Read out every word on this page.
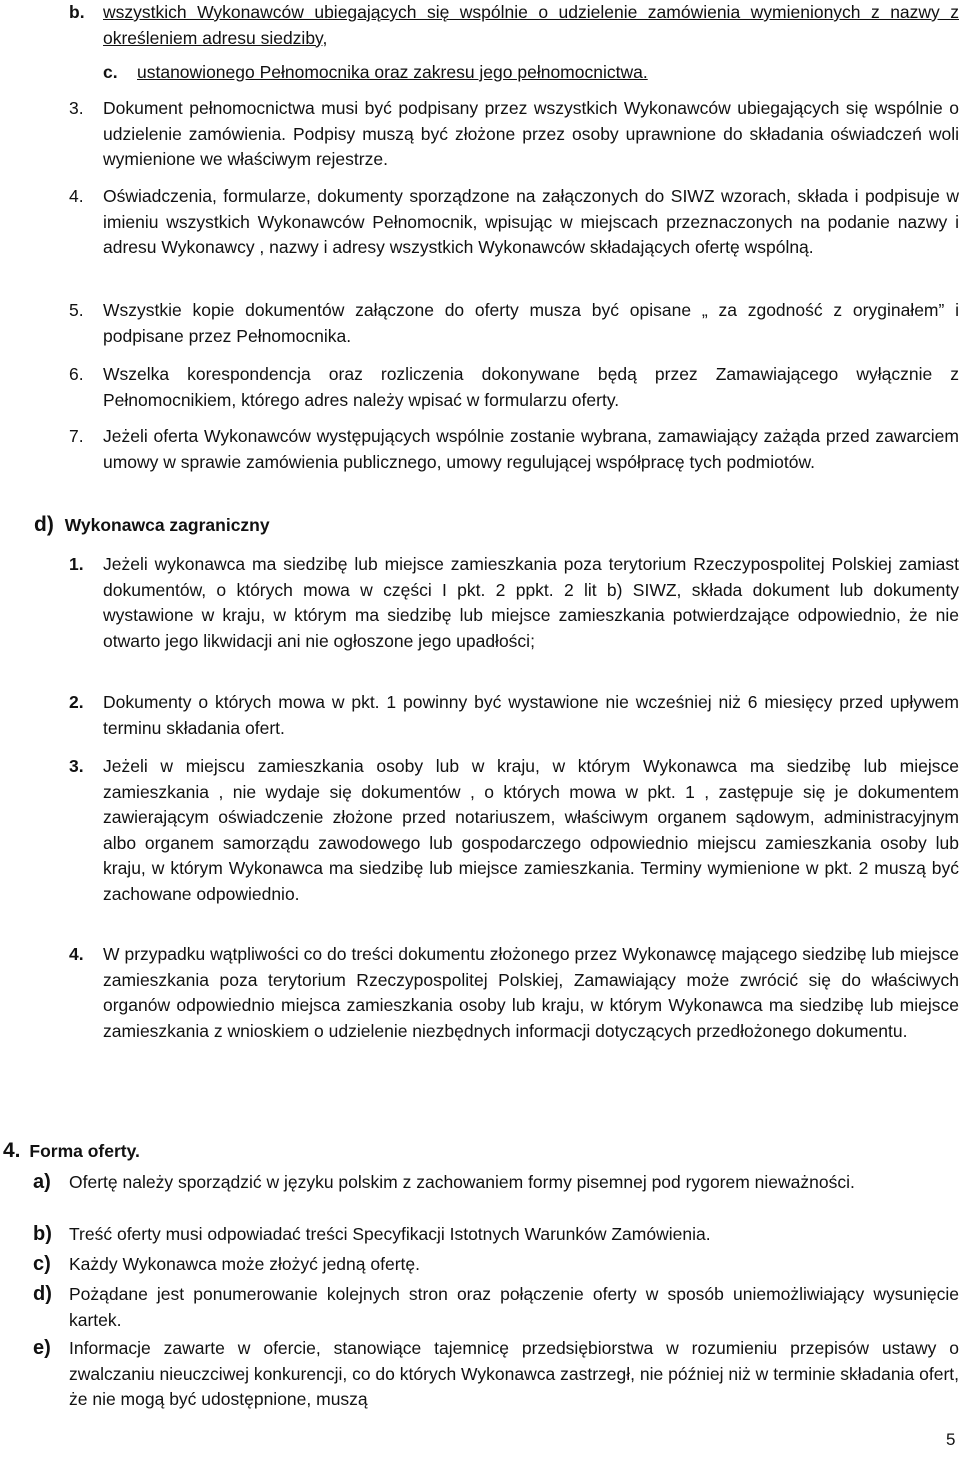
b. wszystkich Wykonawców ubiegających się wspólnie o udzielenie zamówienia wymienionych z nazwy z określeniem adresu siedziby,
c. ustanowionego Pełnomocnika oraz zakresu jego pełnomocnictwa.
3. Dokument pełnomocnictwa musi być podpisany przez wszystkich Wykonawców ubiegających się wspólnie o udzielenie zamówienia. Podpisy muszą być złożone przez osoby uprawnione do składania oświadczeń woli wymienione we właściwym rejestrze.
4. Oświadczenia, formularze, dokumenty sporządzone na załączonych do SIWZ wzorach, składa i podpisuje w imieniu wszystkich Wykonawców Pełnomocnik, wpisując w miejscach przeznaczonych na podanie nazwy i adresu Wykonawcy , nazwy i adresy wszystkich Wykonawców składających ofertę wspólną.
5. Wszystkie kopie dokumentów załączone do oferty musza być opisane „ za zgodność z oryginałem” i podpisane przez Pełnomocnika.
6. Wszelka korespondencja oraz rozliczenia dokonywane będą przez Zamawiającego wyłącznie z Pełnomocnikiem, którego adres należy wpisać w formularzu oferty.
7. Jeżeli oferta Wykonawców występujących wspólnie zostanie wybrana, zamawiający zażąda przed zawarciem umowy w sprawie zamówienia publicznego, umowy regulującej współpracę tych podmiotów.
d) Wykonawca zagraniczny
1. Jeżeli wykonawca ma siedzibę lub miejsce zamieszkania poza terytorium Rzeczypospolitej Polskiej zamiast dokumentów, o których mowa w części I pkt. 2 ppkt. 2 lit b) SIWZ, składa dokument lub dokumenty wystawione w kraju, w którym ma siedzibę lub miejsce zamieszkania potwierdzające odpowiednio, że nie otwarto jego likwidacji ani nie ogłoszone jego upadłości;
2. Dokumenty o których mowa w pkt. 1 powinny być wystawione nie wcześniej niż 6 miesięcy przed upływem terminu składania ofert.
3. Jeżeli w miejscu zamieszkania osoby lub w kraju, w którym Wykonawca ma siedzibę lub miejsce zamieszkania , nie wydaje się dokumentów , o których mowa w pkt. 1 , zastępuje się je dokumentem zawierającym oświadczenie złożone przed notariuszem, właściwym organem sądowym, administracyjnym albo organem samorządu zawodowego lub gospodarczego odpowiednio miejscu zamieszkania osoby lub kraju, w którym Wykonawca ma siedzibę lub miejsce zamieszkania. Terminy wymienione w pkt. 2 muszą być zachowane odpowiednio.
4. W przypadku wątpliwości co do treści dokumentu złożonego przez Wykonawcę mającego siedzibę lub miejsce zamieszkania poza terytorium Rzeczypospolitej Polskiej, Zamawiający może zwrócić się do właściwych organów odpowiednio miejsca zamieszkania osoby lub kraju, w którym Wykonawca ma siedzibę lub miejsce zamieszkania z wnioskiem o udzielenie niezbędnych informacji dotyczących przedłożonego dokumentu.
4. Forma oferty.
a) Ofertę należy sporządzić w języku polskim z zachowaniem formy pisemnej pod rygorem nieważności.
b) Treść oferty musi odpowiadać treści Specyfikacji Istotnych Warunków Zamówienia.
c) Każdy Wykonawca może złożyć jedną ofertę.
d) Pożądane jest ponumerowanie kolejnych stron oraz połączenie oferty w sposób uniemożliwiający wysunięcie kartek.
e) Informacje zawarte w ofercie, stanowiące tajemnicę przedsiębiorstwa w rozumieniu przepisów ustawy o zwalczaniu nieuczciwej konkurencji, co do których Wykonawca zastrzegł, nie później niż w terminie składania ofert, że nie mogą być udostępnione, muszą
5
